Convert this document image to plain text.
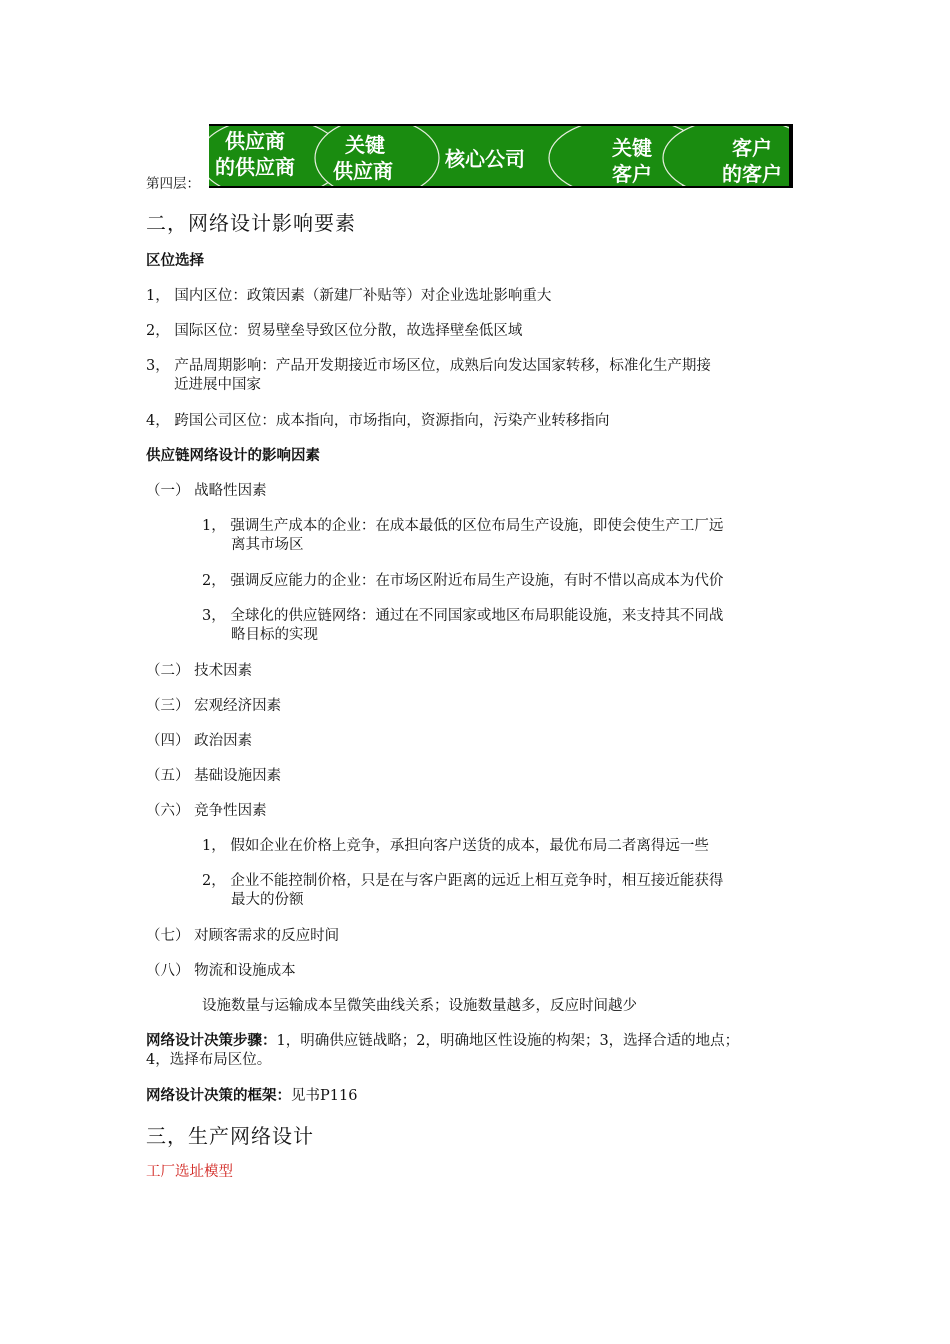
第四层：
供应商
的供应商
关键
供应商	核心公司	关键
客户
客户
的客户
二，网络设计影响要素
区位选择
1， 国内区位：政策因素（新建厂补贴等）对企业选址影响重大
2， 国际区位：贸易壁垒导致区位分散，故选择壁垒低区域
3， 产品周期影响：产品开发期接近市场区位，成熟后向发达国家转移，标准化生产期接
近进展中国家
4， 跨国公司区位：成本指向，市场指向，资源指向，污染产业转移指向
供应链网络设计的影响因素
（一） 战略性因素
1， 强调生产成本的企业：在成本最低的区位布局生产设施，即使会使生产工厂远
离其市场区
2， 强调反应能力的企业：在市场区附近布局生产设施，有时不惜以高成本为代价
3， 全球化的供应链网络：通过在不同国家或地区布局职能设施，来支持其不同战
略目标的实现
（二） 技术因素
（三） 宏观经济因素
（四） 政治因素
（五） 基础设施因素
（六） 竞争性因素
1， 假如企业在价格上竞争，承担向客户送货的成本，最优布局二者离得远一些
2， 企业不能控制价格，只是在与客户距离的远近上相互竞争时，相互接近能获得
最大的份额
（七） 对顾客需求的反应时间
（八） 物流和设施成本
设施数量与运输成本呈微笑曲线关系；设施数量越多，反应时间越少
网络设计决策步骤：1，明确供应链战略；2，明确地区性设施的构架；3，选择合适的地点；
4，选择布局区位。
网络设计决策的框架：见书P116
三，生产网络设计
工厂选址模型
